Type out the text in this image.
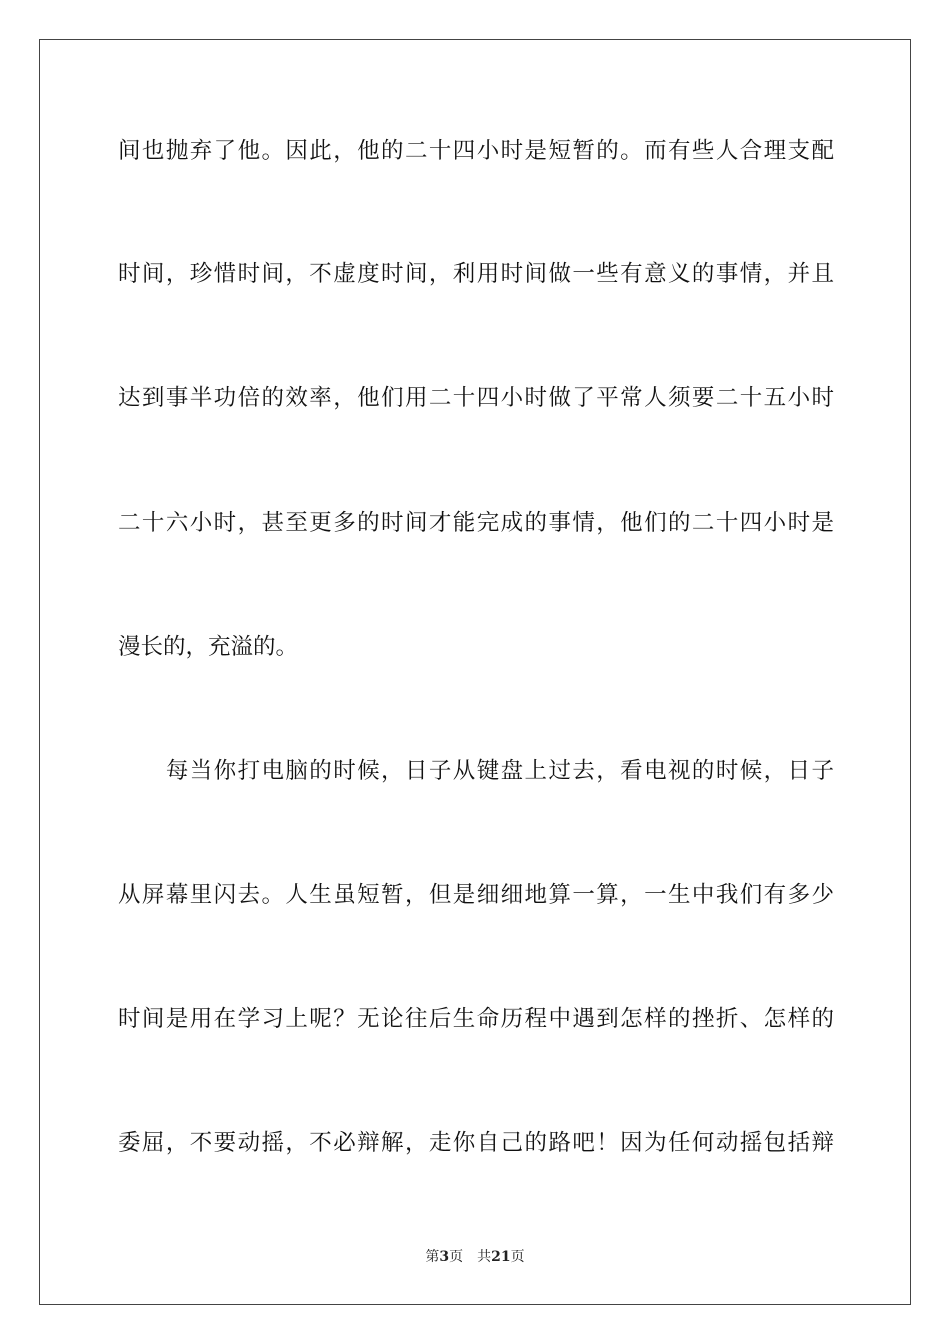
间也抛弃了他。因此，他的二十四小时是短暂的。而有些人合理支配
时间，珍惜时间，不虚度时间，利用时间做一些有意义的事情，并且
达到事半功倍的效率，他们用二十四小时做了平常人须要二十五小时
二十六小时，甚至更多的时间才能完成的事情，他们的二十四小时是
漫长的，充溢的。
　　每当你打电脑的时候，日子从键盘上过去，看电视的时候，日子
从屏幕里闪去。人生虽短暂，但是细细地算一算，一生中我们有多少
时间是用在学习上呢？无论往后生命历程中遇到怎样的挫折、怎样的
委屈，不要动摇，不必辩解，走你自己的路吧！因为任何动摇包括辩
第3页 共21页
